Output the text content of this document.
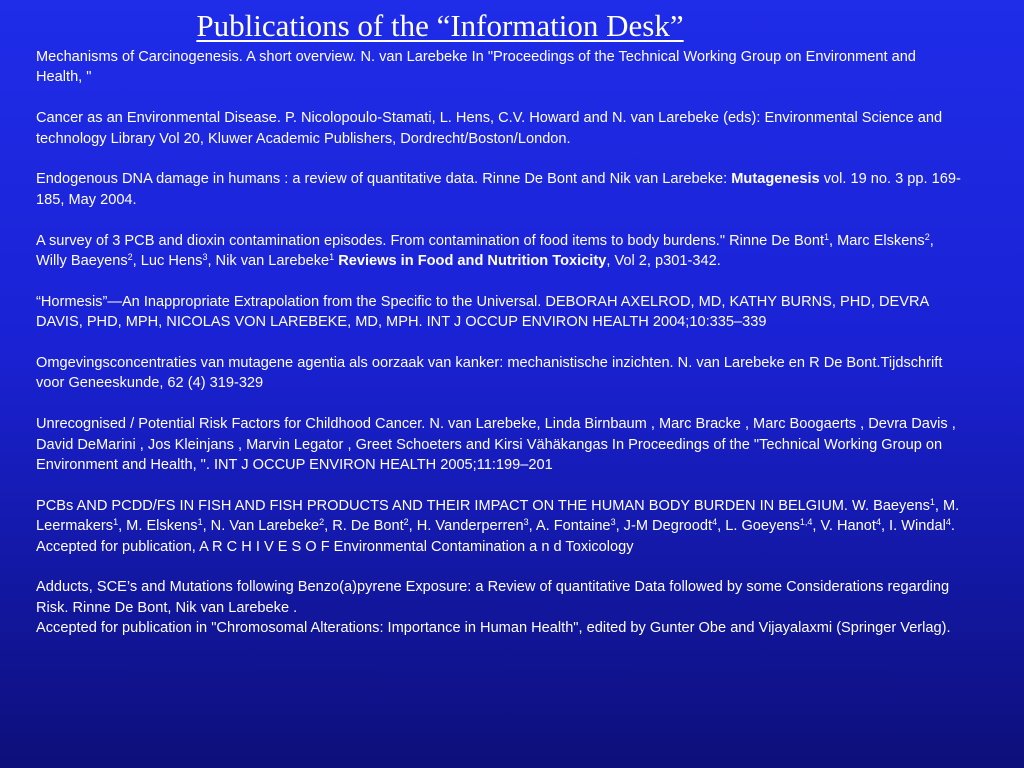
Publications of the “Information Desk”

Mechanisms of Carcinogenesis. A short overview. N. van Larebeke In "Proceedings of the Technical Working Group on Environment and Health, "

Cancer as an Environmental Disease. P. Nicolopoulo-Stamati, L. Hens, C.V. Howard and N. van Larebeke (eds): Environmental Science and technology Library Vol 20, Kluwer Academic Publishers, Dordrecht/Boston/London.

Endogenous DNA damage in humans : a review of quantitative data. Rinne De Bont and Nik van Larebeke: Mutagenesis vol. 19 no. 3 pp. 169-185, May 2004.

A survey of 3 PCB and dioxin contamination episodes. From contamination of food items to body burdens." Rinne De Bont$^1$, Marc Elskens$^2$, Willy Baeyens$^2$, Luc Hens$^3$, Nik van Larebeke$^1$ Reviews in Food and Nutrition Toxicity, Vol 2, p301-342.

“Hormesis”—An Inappropriate Extrapolation from the Specific to the Universal. DEBORAH AXELROD, MD, KATHY BURNS, PHD, DEVRA DAVIS, PHD, MPH, NICOLAS VON LAREBEKE, MD, MPH. INT J OCCUP ENVIRON HEALTH 2004;10:335–339

Omgevingsconcentraties van mutagene agentia als oorzaak van kanker: mechanistische inzichten. N. van Larebeke en R De Bont.Tijdschrift voor Geneeskunde, 62 (4) 319-329

Unrecognised / Potential Risk Factors for Childhood Cancer. N. van Larebeke, Linda Birnbaum , Marc Bracke , Marc Boogaerts , Devra Davis , David DeMarini , Jos Kleinjans , Marvin Legator , Greet Schoeters and Kirsi Vähäkangas In Proceedings of the "Technical Working Group on Environment and Health, ". INT J OCCUP ENVIRON HEALTH 2005;11:199–201

PCBs AND PCDD/FS IN FISH AND FISH PRODUCTS AND THEIR IMPACT ON THE HUMAN BODY BURDEN IN BELGIUM. W. Baeyens$^1$, M. Leermakers$^1$, M. Elskens$^1$, N. Van Larebeke$^2$, R. De Bont$^2$, H. Vanderperren$^3$, A. Fontaine$^3$, J-M Degroodt$^4$, L. Goeyens$^{1,4}$, V. Hanot$^4$, I. Windal$^4$. Accepted for publication, A R C H I V E S O F Environmental Contamination a n d Toxicology

Adducts, SCE’s and Mutations following Benzo(a)pyrene Exposure: a Review of quantitative Data followed by some Considerations regarding Risk. Rinne De Bont, Nik van Larebeke .
Accepted for publication in "Chromosomal Alterations: Importance in Human Health", edited by Gunter Obe and Vijayalaxmi (Springer Verlag).
